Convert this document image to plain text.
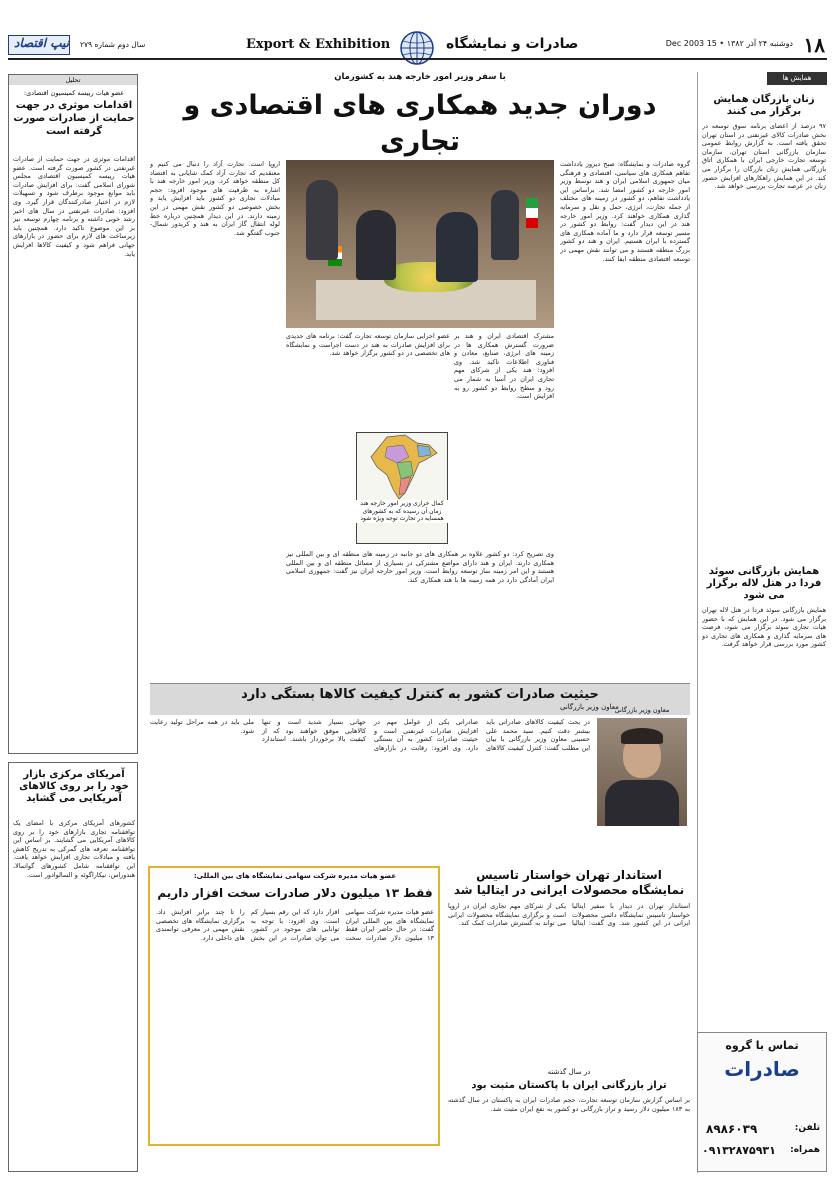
۱۸
دوشنبه ۲۴ آذر ۱۳۸۲ • 15 Dec 2003
صادرات و نمایشگاه
Export & Exhibition
سال دوم شماره ۲۷۹
نیپ اقتصاد
همایش ها
زنان بازرگان همایش برگزار می کنند
۹۷ درصد از اعضای برنامه سوق توسعه در بخش صادرات کالای غیرنفتی در استان تهران تحقق یافته است. به گزارش روابط عمومی سازمان بازرگانی استان تهران، سازمان توسعه تجارت خارجی ایران با همکاری اتاق بازرگانی همایش زنان بازرگان را برگزار می کند. در این همایش راهکارهای افزایش حضور زنان در عرصه تجارت بررسی خواهد شد.
همایش بازرگانی سوئد فردا در هتل لاله برگزار می شود
همایش بازرگانی سوئد فردا در هتل لاله تهران برگزار می شود. در این همایش که با حضور هیات تجاری سوئد برگزار می شود، فرصت های سرمایه گذاری و همکاری های تجاری دو کشور مورد بررسی قرار خواهد گرفت.
تماس با گروه
صادرات
تلفن:
۸۹۸۶۰۳۹
همراه:
۰۹۱۳۲۸۷۵۹۳۱
تحلیل
عضو هیات رییسه کمیسیون اقتصادی:
اقدامات موثری در جهت حمایت از صادرات صورت گرفته است
اقدامات موثری در جهت حمایت از صادرات غیرنفتی در کشور صورت گرفته است. عضو هیات رییسه کمیسیون اقتصادی مجلس شورای اسلامی گفت: برای افزایش صادرات باید موانع موجود برطرف شود و تسهیلات لازم در اختیار صادرکنندگان قرار گیرد. وی افزود: صادرات غیرنفتی در سال های اخیر رشد خوبی داشته و برنامه چهارم توسعه نیز بر این موضوع تاکید دارد. همچنین باید زیرساخت های لازم برای حضور در بازارهای جهانی فراهم شود و کیفیت کالاها افزایش یابد.
آمریکای مرکزی بازار خود را بر روی کالاهای آمریکایی می گشاید
کشورهای آمریکای مرکزی با امضای یک توافقنامه تجاری بازارهای خود را بر روی کالاهای آمریکایی می گشایند. بر اساس این توافقنامه تعرفه های گمرکی به تدریج کاهش یافته و مبادلات تجاری افزایش خواهد یافت. این توافقنامه شامل کشورهای گواتمالا، هندوراس، نیکاراگوئه و السالوادور است.
با سفر وزیر امور خارجه هند به کشورمان
دوران جدید همکاری های اقتصادی و تجاری
گروه صادرات و نمایشگاه: صبح دیروز یادداشت تفاهم همکاری های سیاسی، اقتصادی و فرهنگی میان جمهوری اسلامی ایران و هند توسط وزیر امور خارجه دو کشور امضا شد. براساس این یادداشت تفاهم، دو کشور در زمینه های مختلف از جمله تجارت، انرژی، حمل و نقل و سرمایه گذاری همکاری خواهند کرد. وزیر امور خارجه هند در این دیدار گفت: روابط دو کشور در مسیر توسعه قرار دارد و ما آماده همکاری های گسترده با ایران هستیم. ایران و هند دو کشور بزرگ منطقه هستند و می توانند نقش مهمی در توسعه اقتصادی منطقه ایفا کنند.
اروپا است. تجارت آزاد را دنبال می کنیم و معتقدیم که تجارت آزاد کمک شایانی به اقتصاد کل منطقه خواهد کرد. وزیر امور خارجه هند با اشاره به ظرفیت های موجود افزود: حجم مبادلات تجاری دو کشور باید افزایش یابد و بخش خصوصی دو کشور نقش مهمی در این زمینه دارند. در این دیدار همچنین درباره خط لوله انتقال گاز ایران به هند و کریدور شمال- جنوب گفتگو شد.
مشترک اقتصادی ایران و هند بر ضرورت گسترش همکاری ها در زمینه های انرژی، صنایع، معادن و فناوری اطلاعات تاکید شد. وی افزود: هند یکی از شرکای مهم تجاری ایران در آسیا به شمار می رود و سطح روابط دو کشور رو به افزایش است.
عضو اجرایی سازمان توسعه تجارت گفت: برنامه های جدیدی برای افزایش صادرات به هند در دست اجراست و نمایشگاه های تخصصی در دو کشور برگزار خواهد شد.
کمال خرازی وزیر امور خارجه هند زمان آن رسیده که به کشورهای همسایه در تجارت توجه ویژه شود
وی تصریح کرد: دو کشور علاوه بر همکاری های دو جانبه در زمینه های منطقه ای و بین المللی نیز همکاری دارند. ایران و هند دارای مواضع مشترکی در بسیاری از مسائل منطقه ای و بین المللی هستند و این امر زمینه ساز توسعه روابط است. وزیر امور خارجه ایران نیز گفت: جمهوری اسلامی ایران آمادگی دارد در همه زمینه ها با هند همکاری کند.
حیثیت صادرات کشور به کنترل کیفیت کالاها بستگی دارد
معاون وزیر بازرگانی
معاون وزیر بازرگانی
در بحث کیفیت کالاهای صادراتی باید بیشتر دقت کنیم. سید محمد علی حسینی معاون وزیر بازرگانی با بیان این مطلب گفت: کنترل کیفیت کالاهای صادراتی یکی از عوامل مهم در افزایش صادرات غیرنفتی است و حیثیت صادرات کشور به آن بستگی دارد. وی افزود: رقابت در بازارهای جهانی بسیار شدید است و تنها کالاهایی موفق خواهند بود که از کیفیت بالا برخوردار باشند. استاندارد ملی باید در همه مراحل تولید رعایت شود.
استاندار تهران خواستار تاسیس نمایشگاه محصولات ایرانی در ایتالیا شد
استاندار تهران در دیدار با سفیر ایتالیا خواستار تاسیس نمایشگاه دائمی محصولات ایرانی در این کشور شد. وی گفت: ایتالیا یکی از شرکای مهم تجاری ایران در اروپا است و برگزاری نمایشگاه محصولات ایرانی می تواند به گسترش صادرات کمک کند.
در سال گذشته
تراز بازرگانی ایران با پاکستان مثبت بود
بر اساس گزارش سازمان توسعه تجارت، حجم صادرات ایران به پاکستان در سال گذشته به ۱۸۳ میلیون دلار رسید و تراز بازرگانی دو کشور به نفع ایران مثبت شد.
عضو هیات مدیره شرکت سهامی نمایشگاه های بین المللی:
فقط ۱۳ میلیون دلار صادرات سخت افزار داریم
عضو هیات مدیره شرکت سهامی نمایشگاه های بین المللی ایران گفت: در حال حاضر ایران فقط ۱۳ میلیون دلار صادرات سخت افزار دارد که این رقم بسیار کم است. وی افزود: با توجه به توانایی های موجود در کشور، می توان صادرات در این بخش را تا چند برابر افزایش داد. برگزاری نمایشگاه های تخصصی نقش مهمی در معرفی توانمندی های داخلی دارد.
